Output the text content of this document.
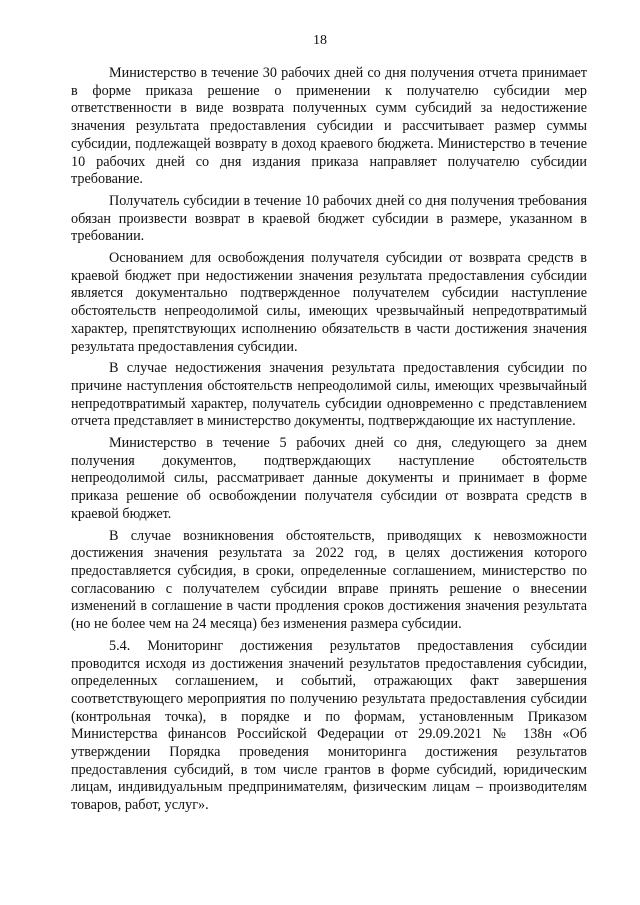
18

Министерство в течение 30 рабочих дней со дня получения отчета принимает в форме приказа решение о применении к получателю субсидии мер ответственности в виде возврата полученных сумм субсидий за недостижение значения результата предоставления субсидии и рассчитывает размер суммы субсидии, подлежащей возврату в доход краевого бюджета. Министерство в течение 10 рабочих дней со дня издания приказа направляет получателю субсидии требование.

Получатель субсидии в течение 10 рабочих дней со дня получения требования обязан произвести возврат в краевой бюджет субсидии в размере, указанном в требовании.

Основанием для освобождения получателя субсидии от возврата средств в краевой бюджет при недостижении значения результата предоставления субсидии является документально подтвержденное получателем субсидии наступление обстоятельств непреодолимой силы, имеющих чрезвычайный непредотвратимый характер, препятствующих исполнению обязательств в части достижения значения результата предоставления субсидии.

В случае недостижения значения результата предоставления субсидии по причине наступления обстоятельств непреодолимой силы, имеющих чрезвычайный непредотвратимый характер, получатель субсидии одновременно с представлением отчета представляет в министерство документы, подтверждающие их наступление.

Министерство в течение 5 рабочих дней со дня, следующего за днем получения документов, подтверждающих наступление обстоятельств непреодолимой силы, рассматривает данные документы и принимает в форме приказа решение об освобождении получателя субсидии от возврата средств в краевой бюджет.

В случае возникновения обстоятельств, приводящих к невозможности достижения значения результата за 2022 год, в целях достижения которого предоставляется субсидия, в сроки, определенные соглашением, министерство по согласованию с получателем субсидии вправе принять решение о внесении изменений в соглашение в части продления сроков достижения значения результата (но не более чем на 24 месяца) без изменения размера субсидии.

5.4. Мониторинг достижения результатов предоставления субсидии проводится исходя из достижения значений результатов предоставления субсидии, определенных соглашением, и событий, отражающих факт завершения соответствующего мероприятия по получению результата предоставления субсидии (контрольная точка), в порядке и по формам, установленным Приказом Министерства финансов Российской Федерации от 29.09.2021 № 138н «Об утверждении Порядка проведения мониторинга достижения результатов предоставления субсидий, в том числе грантов в форме субсидий, юридическим лицам, индивидуальным предпринимателям, физическим лицам – производителям товаров, работ, услуг».
